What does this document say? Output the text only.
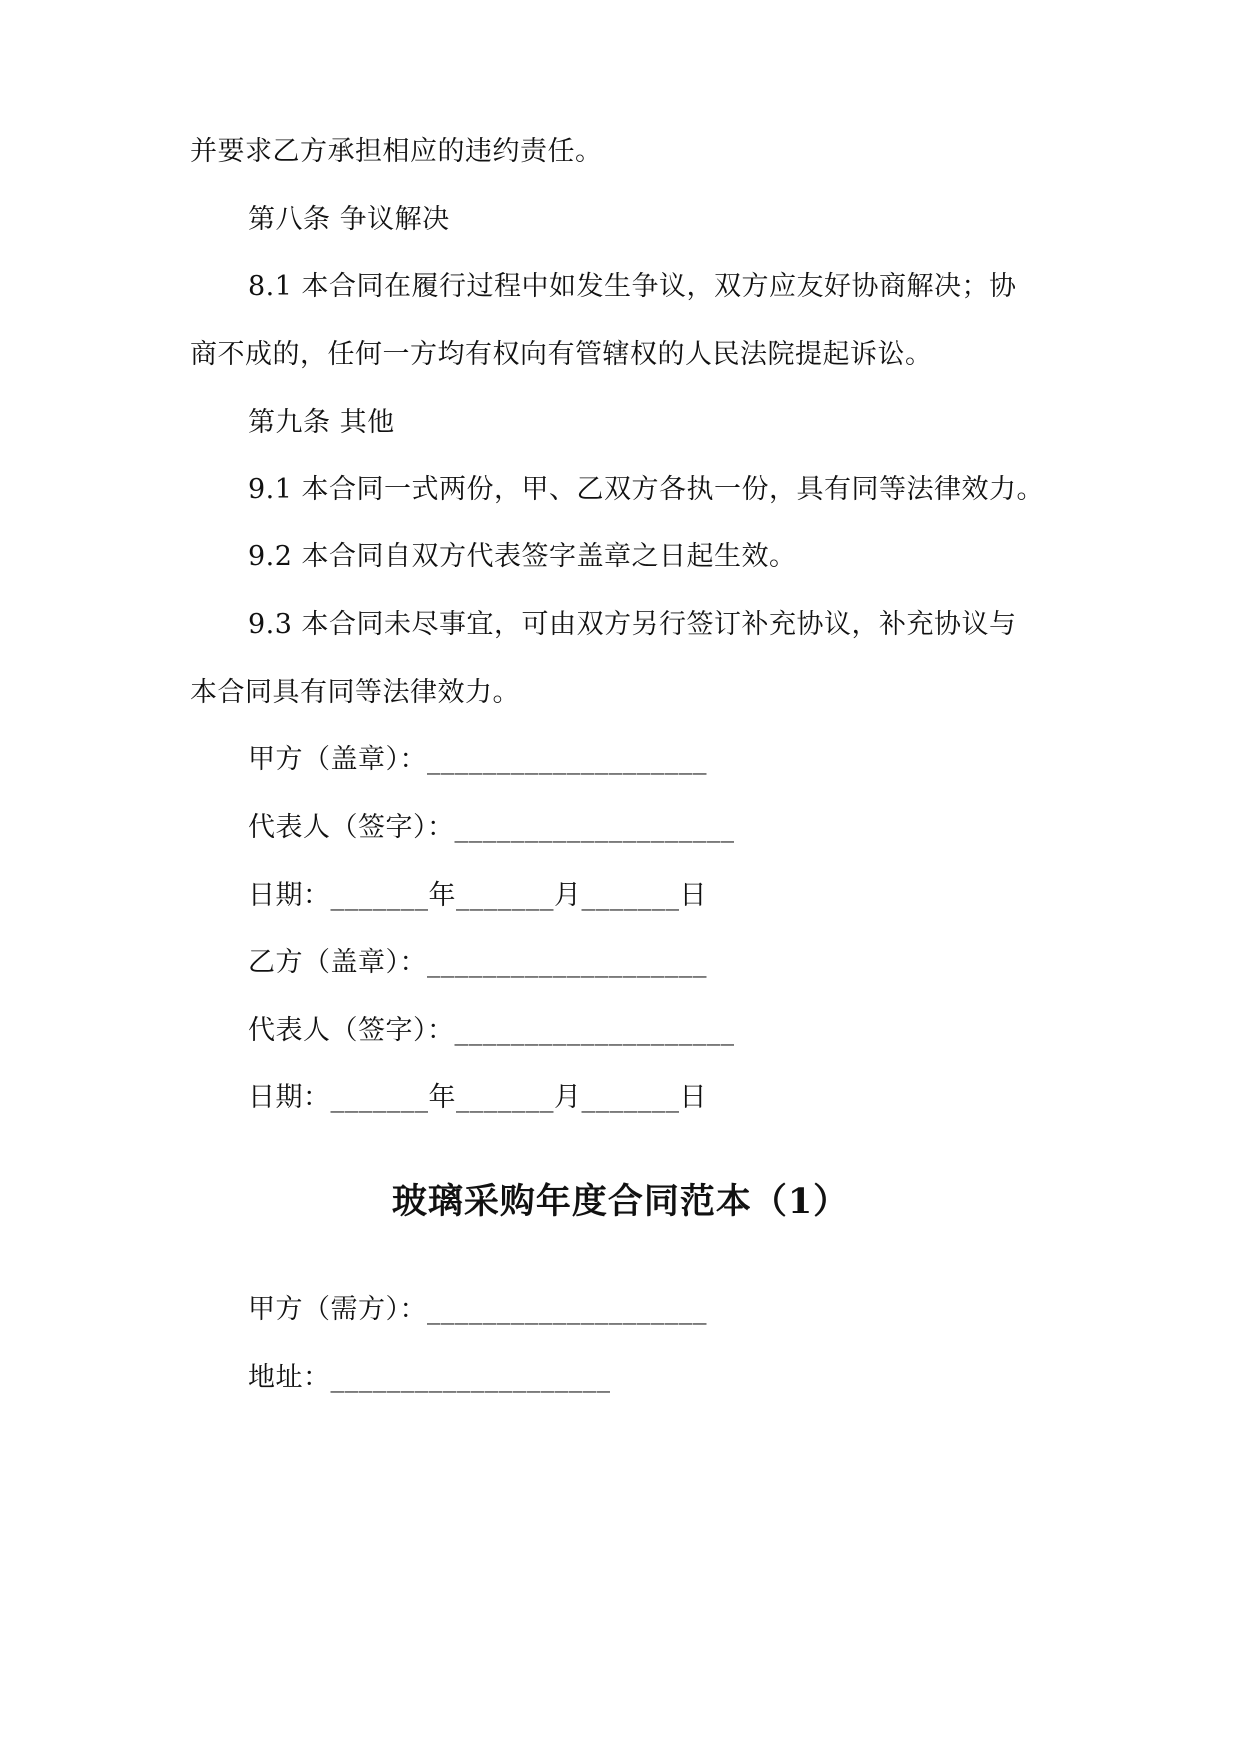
并要求乙方承担相应的违约责任。
第八条 争议解决
8.1 本合同在履行过程中如发生争议，双方应友好协商解决；协
商不成的，任何一方均有权向有管辖权的人民法院提起诉讼。
第九条 其他
9.1 本合同一式两份，甲、乙双方各执一份，具有同等法律效力。
9.2 本合同自双方代表签字盖章之日起生效。
9.3 本合同未尽事宜，可由双方另行签订补充协议，补充协议与
本合同具有同等法律效力。
甲方（盖章）：____________________
代表人（签字）：____________________
日期：_______年_______月_______日
乙方（盖章）：____________________
代表人（签字）：____________________
日期：_______年_______月_______日
玻璃采购年度合同范本（1）
甲方（需方）：____________________
地址：____________________
